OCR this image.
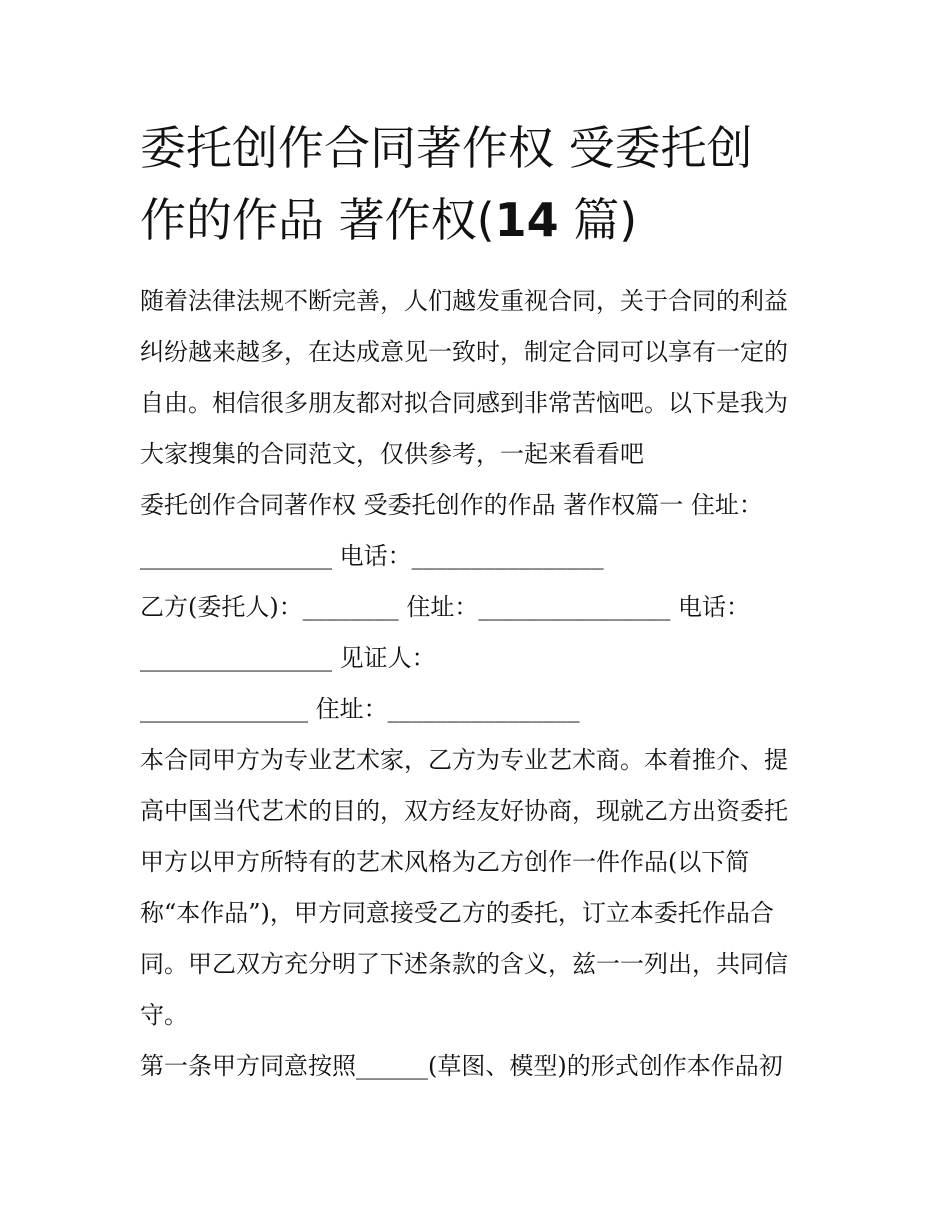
委托创作合同著作权 受委托创
作的作品 著作权(14 篇)
随着法律法规不断完善，人们越发重视合同，关于合同的利益
纠纷越来越多，在达成意见一致时，制定合同可以享有一定的
自由。相信很多朋友都对拟合同感到非常苦恼吧。以下是我为
大家搜集的合同范文，仅供参考，一起来看看吧
委托创作合同著作权 受委托创作的作品 著作权篇一 住址：
________________ 电话：________________
乙方(委托人)：________ 住址：________________ 电话：
________________ 见证人：
______________ 住址：________________
本合同甲方为专业艺术家，乙方为专业艺术商。本着推介、提
高中国当代艺术的目的，双方经友好协商，现就乙方出资委托
甲方以甲方所特有的艺术风格为乙方创作一件作品(以下简
称“本作品”)，甲方同意接受乙方的委托，订立本委托作品合
同。甲乙双方充分明了下述条款的含义，兹一一列出，共同信
守。
第一条甲方同意按照______(草图、模型)的形式创作本作品初
